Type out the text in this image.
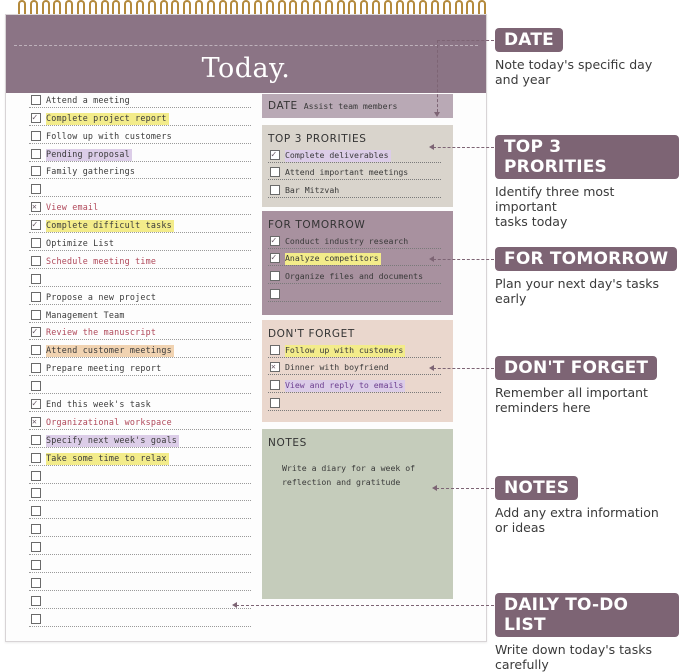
Today.
Attend a meeting
✓
Complete project report
Follow up with customers
Pending proposal
Family gatherings
✕
View email
✓
Complete difficult tasks
Optimize List
Schedule meeting time
Propose a new project
Management Team
✓
Review the manuscript
Attend customer meetings
Prepare meeting report
✓
End this week's task
✕
Organizational workspace
Specify next week's goals
Take some time to relax
DATE Assist team members
TOP 3 PRORITIES
✓
Complete deliverables
Attend important meetings
Bar Mitzvah
FOR TOMORROW
✓
Conduct industry research
✓
Analyze competitors
Organize files and documents
DON'T FORGET
Follow up with customers
✕
Dinner with boyfriend
View and reply to emails
NOTES
Write a diary for a week of
reflection and gratitude
DATE
Note today's specific day
and year
TOP 3 PRORITIES
Identify three most important
tasks today
FOR TOMORROW
Plan your next day's tasks
early
DON'T FORGET
Remember all important
reminders here
NOTES
Add any extra information
or ideas
DAILY TO-DO LIST
Write down today's tasks
carefully
